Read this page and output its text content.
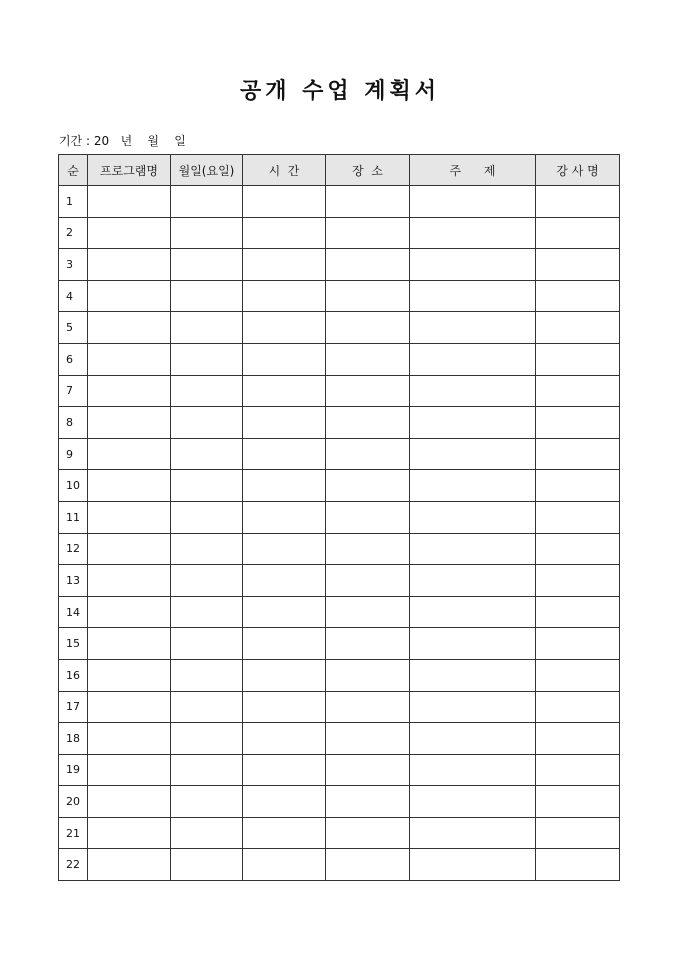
공개 수업 계획서
기간 : 20   년    월    일
순	프로그램명	월일(요일)	시  간	장  소	주      제	강 사 명
1						
2						
3						
4						
5						
6						
7						
8						
9						
10						
11						
12						
13						
14						
15						
16						
17						
18						
19						
20						
21						
22						
